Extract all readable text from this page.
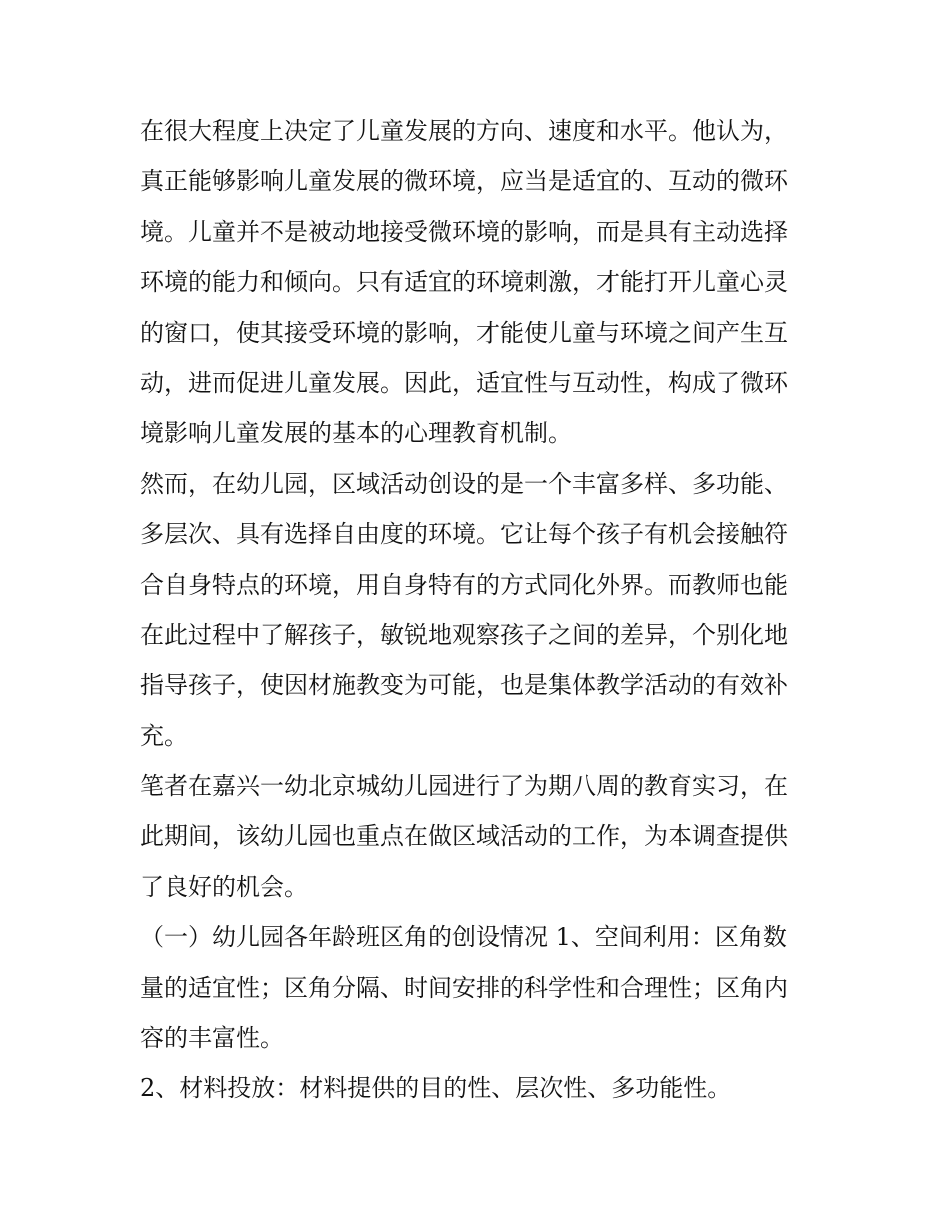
在很大程度上决定了儿童发展的方向、速度和水平。他认为，
真正能够影响儿童发展的微环境，应当是适宜的、互动的微环
境。儿童并不是被动地接受微环境的影响，而是具有主动选择
环境的能力和倾向。只有适宜的环境刺激，才能打开儿童心灵
的窗口，使其接受环境的影响，才能使儿童与环境之间产生互
动，进而促进儿童发展。因此，适宜性与互动性，构成了微环
境影响儿童发展的基本的心理教育机制。
然而，在幼儿园，区域活动创设的是一个丰富多样、多功能、
多层次、具有选择自由度的环境。它让每个孩子有机会接触符
合自身特点的环境，用自身特有的方式同化外界。而教师也能
在此过程中了解孩子，敏锐地观察孩子之间的差异，个别化地
指导孩子，使因材施教变为可能，也是集体教学活动的有效补
充。
笔者在嘉兴一幼北京城幼儿园进行了为期八周的教育实习，在
此期间，该幼儿园也重点在做区域活动的工作，为本调查提供
了良好的机会。
（一）幼儿园各年龄班区角的创设情况 1、空间利用：区角数
量的适宜性；区角分隔、时间安排的科学性和合理性；区角内
容的丰富性。
2、材料投放：材料提供的目的性、层次性、多功能性。
